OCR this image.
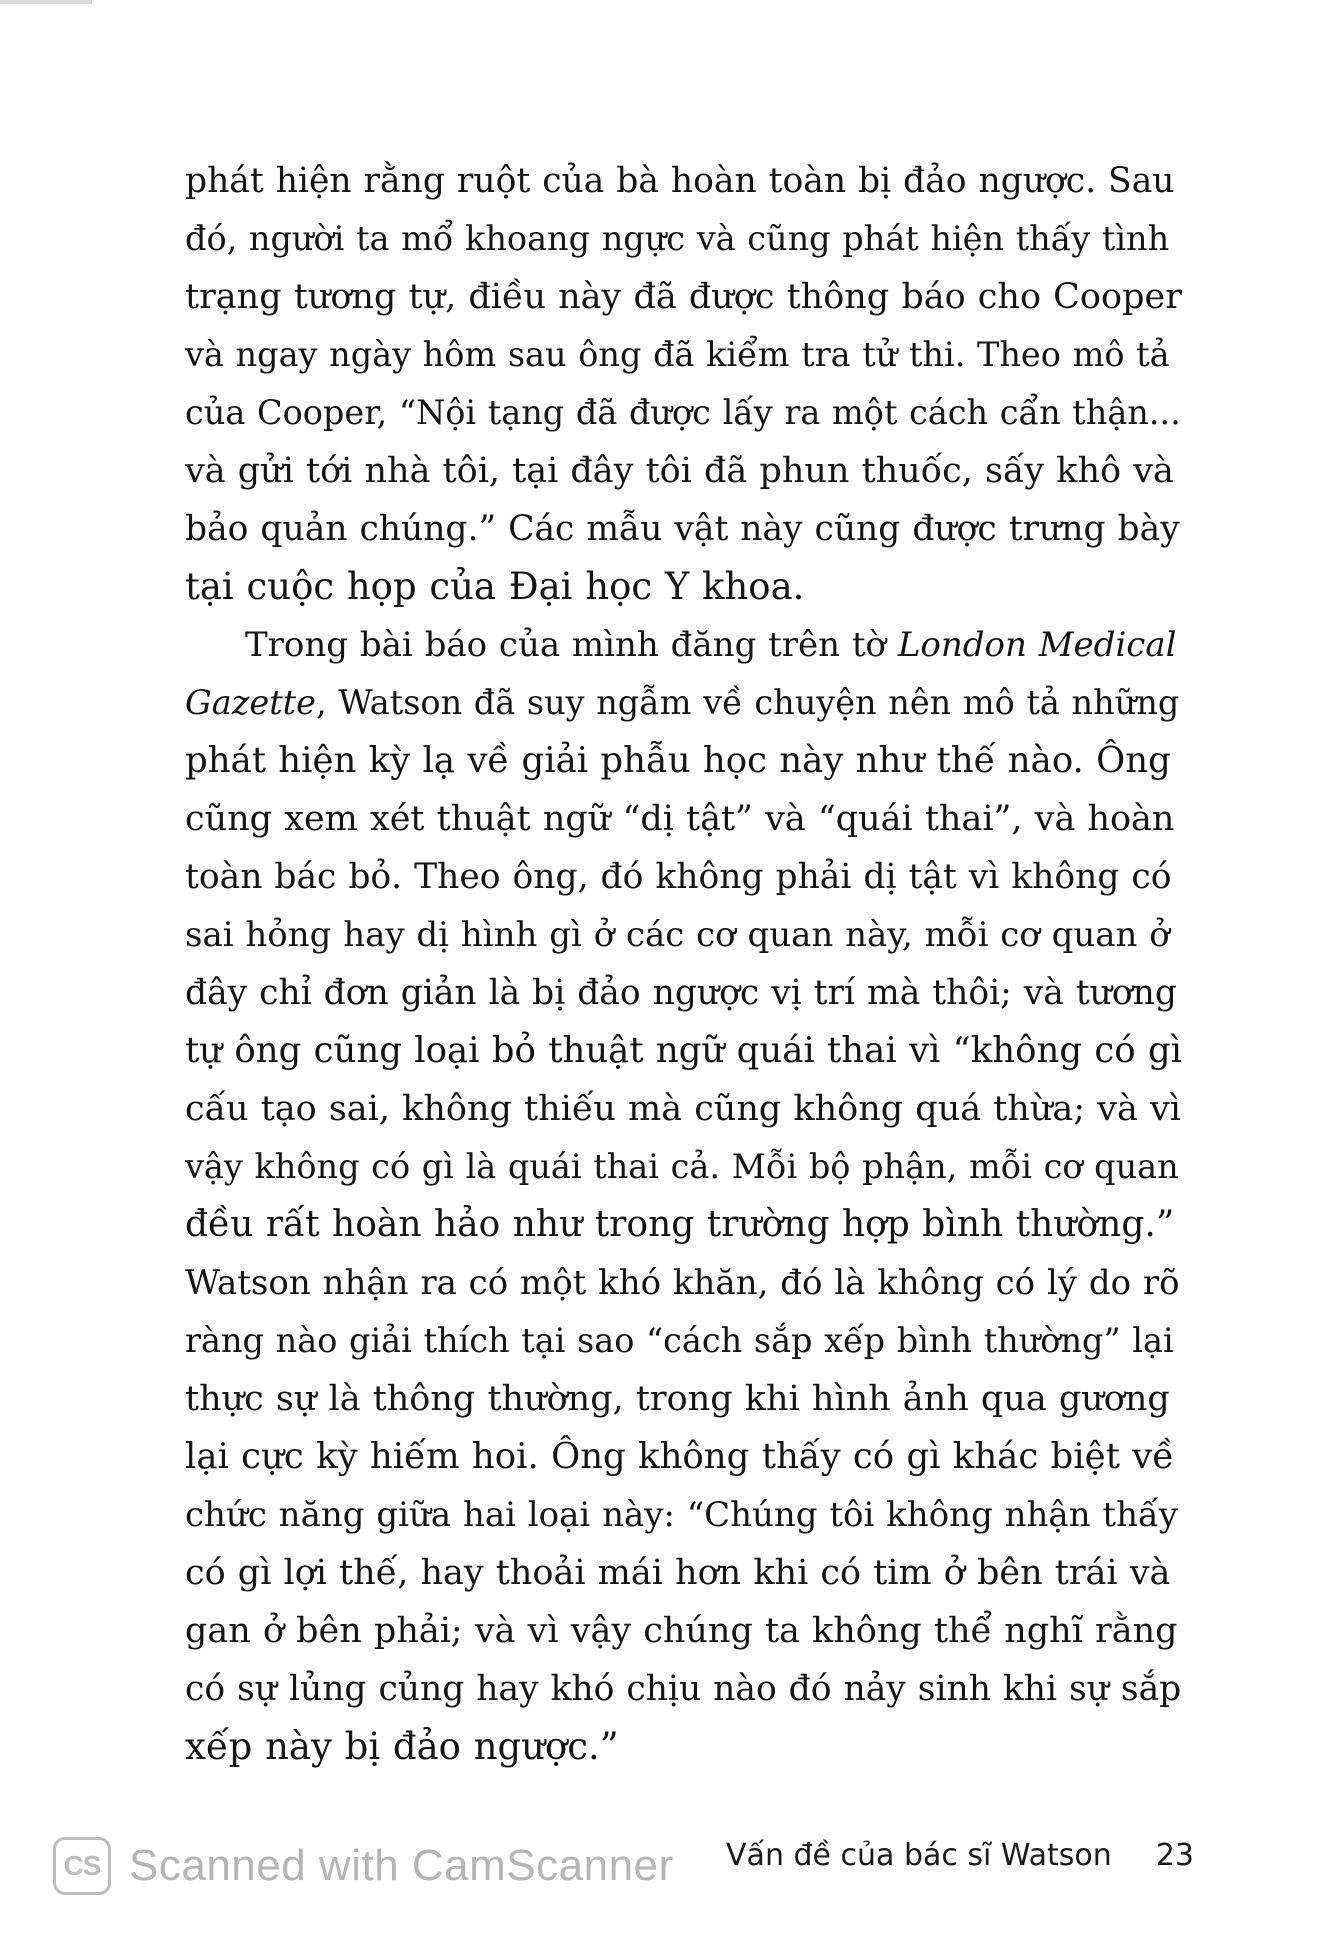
phát hiện rằng ruột của bà hoàn toàn bị đảo ngược. Sau
đó, người ta mổ khoang ngực và cũng phát hiện thấy tình
trạng tương tự, điều này đã được thông báo cho Cooper
và ngay ngày hôm sau ông đã kiểm tra tử thi. Theo mô tả
của Cooper, “Nội tạng đã được lấy ra một cách cẩn thận...
và gửi tới nhà tôi, tại đây tôi đã phun thuốc, sấy khô và
bảo quản chúng.” Các mẫu vật này cũng được trưng bày
tại cuộc họp của Đại học Y khoa.

Trong bài báo của mình đăng trên tờ London Medical
Gazette, Watson đã suy ngẫm về chuyện nên mô tả những
phát hiện kỳ lạ về giải phẫu học này như thế nào. Ông
cũng xem xét thuật ngữ “dị tật” và “quái thai”, và hoàn
toàn bác bỏ. Theo ông, đó không phải dị tật vì không có
sai hỏng hay dị hình gì ở các cơ quan này, mỗi cơ quan ở
đây chỉ đơn giản là bị đảo ngược vị trí mà thôi; và tương
tự ông cũng loại bỏ thuật ngữ quái thai vì “không có gì
cấu tạo sai, không thiếu mà cũng không quá thừa; và vì
vậy không có gì là quái thai cả. Mỗi bộ phận, mỗi cơ quan
đều rất hoàn hảo như trong trường hợp bình thường.”
Watson nhận ra có một khó khăn, đó là không có lý do rõ
ràng nào giải thích tại sao “cách sắp xếp bình thường” lại
thực sự là thông thường, trong khi hình ảnh qua gương
lại cực kỳ hiếm hoi. Ông không thấy có gì khác biệt về
chức năng giữa hai loại này: “Chúng tôi không nhận thấy
có gì lợi thế, hay thoải mái hơn khi có tim ở bên trái và
gan ở bên phải; và vì vậy chúng ta không thể nghĩ rằng
có sự lủng củng hay khó chịu nào đó nảy sinh khi sự sắp
xếp này bị đảo ngược.”

CS Scanned with CamScanner Vấn đề của bác sĩ Watson 23
